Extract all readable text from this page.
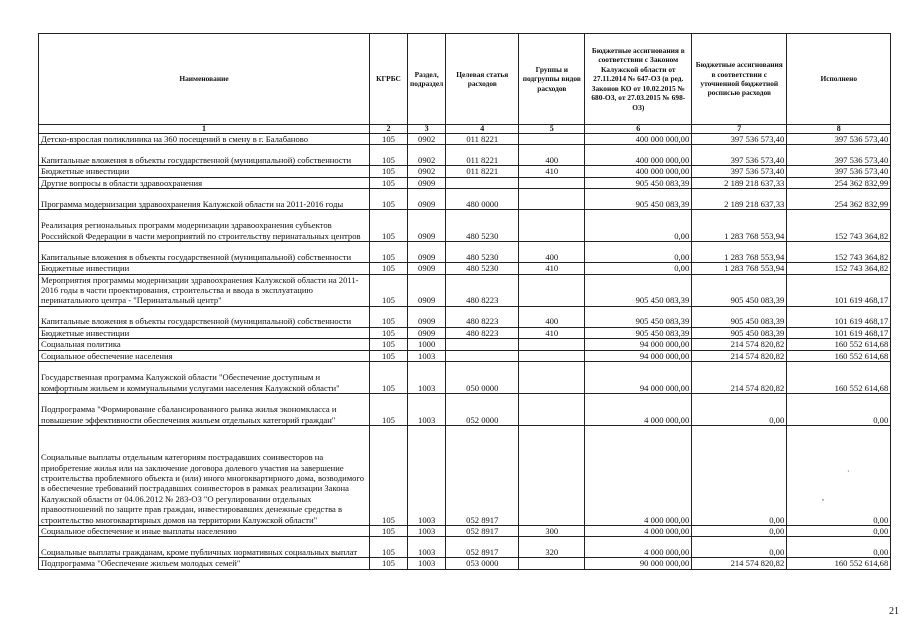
Наименование	КГРБС	Раздел, подраздел	Целевая статья расходов	Группы и подгруппы видов расходов	Бюджетные ассигнования в соответствии с Законом Калужской области от 27.11.2014 № 647-ОЗ (в ред. Законов КО от 10.02.2015 № 680-ОЗ, от 27.03.2015 № 698-ОЗ)	Бюджетные ассигнования в соответствии с уточненной бюджетной росписью расходов	Исполнено
1	2	3	4	5	6	7	8
Детско-взрослая поликлиника на 360 посещений в смену в г. Балабаново	105	0902	011 8221		400 000 000,00	397 536 573,40	397 536 573,40
Капитальные вложения в объекты государственной (муниципальной) собственности	105	0902	011 8221	400	400 000 000,00	397 536 573,40	397 536 573,40
Бюджетные инвестиции	105	0902	011 8221	410	400 000 000,00	397 536 573,40	397 536 573,40
Другие вопросы в области здравоохранения	105	0909			905 450 083,39	2 189 218 637,33	254 362 832,99
Программа модернизации здравоохранения Калужской области на 2011-2016 годы	105	0909	480 0000		905 450 083,39	2 189 218 637,33	254 362 832,99
Реализация региональных программ модернизации здравоохранения субъектов Российской Федерации в части мероприятий по строительству перинатальных центров	105	0909	480 5230		0,00	1 283 768 553,94	152 743 364,82
Капитальные вложения в объекты государственной (муниципальной) собственности	105	0909	480 5230	400	0,00	1 283 768 553,94	152 743 364,82
Бюджетные инвестиции	105	0909	480 5230	410	0,00	1 283 768 553,94	152 743 364,82
Мероприятия программы модернизации здравоохранения Калужской области на 2011-2016 годы в части проектирования, строительства и ввода в эксплуатацию перинатального центра - "Перинатальный центр"	105	0909	480 8223		905 450 083,39	905 450 083,39	101 619 468,17
Капитальные вложения в объекты государственной (муниципальной) собственности	105	0909	480 8223	400	905 450 083,39	905 450 083,39	101 619 468,17
Бюджетные инвестиции	105	0909	480 8223	410	905 450 083,39	905 450 083,39	101 619 468,17
Социальная политика	105	1000			94 000 000,00	214 574 820,82	160 552 614,68
Социальное обеспечение населения	105	1003			94 000 000,00	214 574 820,82	160 552 614,68
Государственная программа Калужской области "Обеспечение доступным и комфортным жильем и коммунальными услугами населения Калужской области"	105	1003	050 0000		94 000 000,00	214 574 820,82	160 552 614,68
Подпрограмма "Формирование сбалансированного рынка жилья экономкласса и повышение эффективности обеспечения жильем отдельных категорий граждан"	105	1003	052 0000		4 000 000,00	0,00	0,00
Социальные выплаты отдельным категориям пострадавших соинвесторов на приобретение жилья или на заключение договора долевого участия на завершение строительства проблемного объекта и (или) иного многоквартирного дома, возводимого в обеспечение требований пострадавших соинвесторов в рамках реализации Закона Калужской области от 04.06.2012 № 283-ОЗ "О регулировании отдельных правоотношений по защите прав граждан, инвестировавших денежные средства в строительство многоквартирных домов на территории Калужской области"	105	1003	052 8917		4 000 000,00	0,00	0,00
Социальное обеспечение и иные выплаты населению	105	1003	052 8917	300	4 000 000,00	0,00	0,00
Социальные выплаты гражданам, кроме публичных нормативных социальных выплат	105	1003	052 8917	320	4 000 000,00	0,00	0,00
Подпрограмма "Обеспечение жильем молодых семей"	105	1003	053 0000		90 000 000,00	214 574 820,82	160 552 614,68
·
,
21
